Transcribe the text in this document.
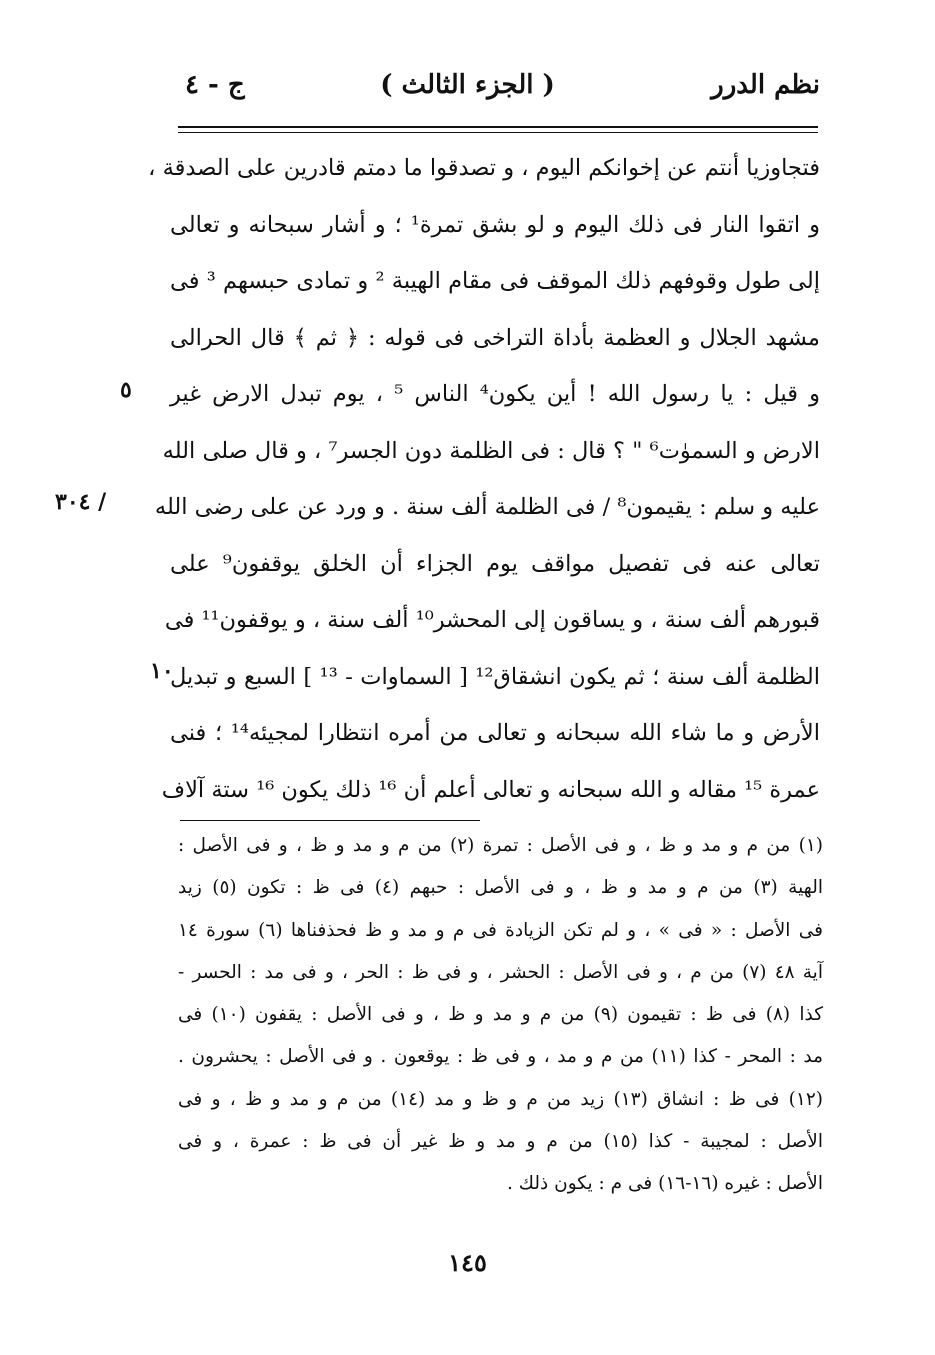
نظم الدرر
( الجزء الثالث )
ج - ٤
فتجاوزيا أنتم عن إخوانكم اليوم ، و تصدقوا ما دمتم قادرين على الصدقة ،
و اتقوا النار فى ذلك اليوم و لو بشق تمرة¹ ؛ و أشار سبحانه و تعالى
إلى طول وقوفهم ذلك الموقف فى مقام الهيبة ² و تمادى حبسهم ³ فى
مشهد الجلال و العظمة بأداة التراخى فى قوله : ﴿ ثم ﴾ قال الحرالى
و قيل : يا رسول الله ! أين يكون⁴ الناس ⁵ ، يوم تبدل الارض غير
الارض و السموٰت⁶ " ؟ قال : فى الظلمة دون الجسر⁷ ، و قال صلى الله
عليه و سلم : يقيمون⁸ / فى الظلمة ألف سنة . و ورد عن على رضى الله
تعالى عنه فى تفصيل مواقف يوم الجزاء أن الخلق يوقفون⁹ على
قبورهم ألف سنة ، و يساقون إلى المحشر¹⁰ ألف سنة ، و يوقفون¹¹ فى
الظلمة ألف سنة ؛ ثم يكون انشقاق¹² [ السماوات - ¹³ ] السبع و تبديل
الأرض و ما شاء الله سبحانه و تعالى من أمره انتظارا لمجيئه¹⁴ ؛ فنى
عمرة ¹⁵ مقاله و الله سبحانه و تعالى أعلم أن ¹⁶ ذلك يكون ¹⁶ ستة آلاف
٥
/ ٣٠٤
١٠
(١) من م و مد و ظ ، و فى الأصل : تمرة (٢) من م و مد و ظ ، و فى الأصل :
الهية (٣) من م و مد و ظ ، و فى الأصل : حبهم (٤) فى ظ : تكون (٥) زيد
فى الأصل : « فى » ، و لم تكن الزيادة فى م و مد و ظ فحذفناها (٦) سورة ١٤
آية ٤٨ (٧) من م ، و فى الأصل : الحشر ، و فى ظ : الحر ، و فى مد : الحسر -
كذا (٨) فى ظ : تقيمون (٩) من م و مد و ظ ، و فى الأصل : يقفون (١٠) فى
مد : المحر - كذا (١١) من م و مد ، و فى ظ : يوقعون . و فى الأصل : يحشرون .
(١٢) فى ظ : انشاق (١٣) زيد من م و ظ و مد (١٤) من م و مد و ظ ، و فى
الأصل : لمجيبة - كذا (١٥) من م و مد و ظ غير أن فى ظ : عمرة ، و فى
الأصل : غيره (١٦-١٦) فى م : يكون ذلك .
١٤٥
